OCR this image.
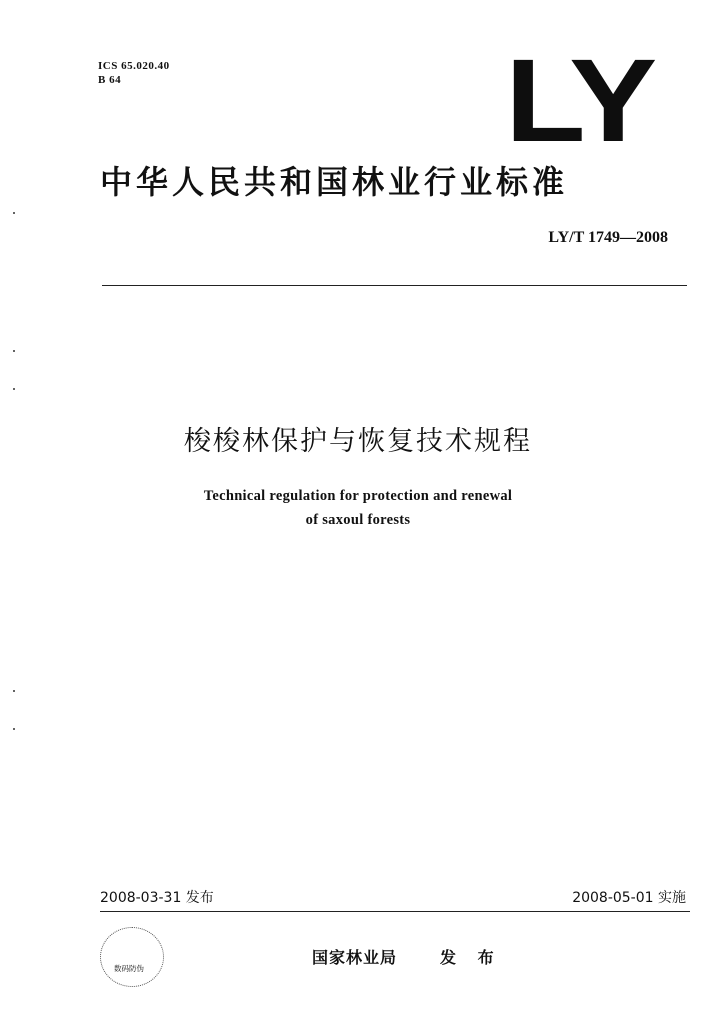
ICS 65.020.40
B 64	LY
中华人民共和国林业行业标准
LY/T 1749—2008
梭梭林保护与恢复技术规程
Technical regulation for protection and renewal
of saxoul forests
2008-03-31 发布	2008-05-01 实施
数码防伪
国家林业局	发 布
